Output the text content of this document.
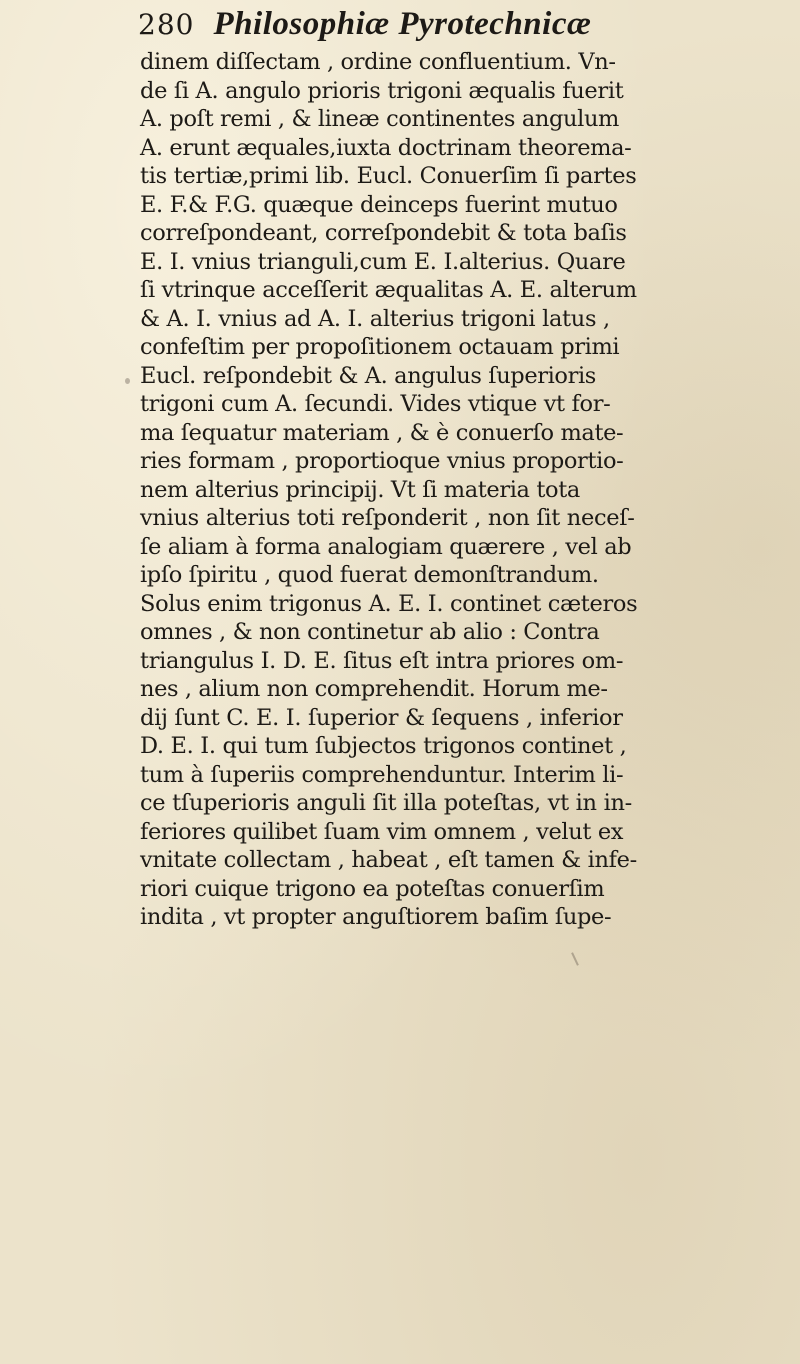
280 Philosophiæ Pyrotechnicæ
dinem diſſectam , ordine confluentium. Vn-
de ſi A. angulo prioris trigoni æqualis fuerit
A. poſt remi , & lineæ continentes angulum
A. erunt æquales,iuxta doctrinam theorema-
tis tertiæ,primi lib. Eucl. Conuerſim ſi partes
E. F.& F.G. quæque deinceps fuerint mutuo
correſpondeant, correſpondebit & tota baſis
E. I. vnius trianguli,cum E. I.alterius. Quare
ſi vtrinque acceſſerit æqualitas A. E. alterum
& A. I. vnius ad A. I. alterius trigoni latus ,
confeſtim per propoſitionem octauam primi
Eucl. reſpondebit & A. angulus ſuperioris
trigoni cum A. ſecundi. Vides vtique vt for-
ma ſequatur materiam , & è conuerſo mate-
ries formam , proportioque vnius proportio-
nem alterius principij. Vt ſi materia tota
vnius alterius toti reſponderit , non ſit neceſ-
ſe aliam à forma analogiam quærere , vel ab
ipſo ſpiritu , quod fuerat demonſtrandum.
Solus enim trigonus A. E. I. continet cæteros
omnes , & non continetur ab alio : Contra
triangulus I. D. E. ſitus eſt intra priores om-
nes , alium non comprehendit. Horum me-
dij ſunt C. E. I. ſuperior & ſequens , inferior
D. E. I. qui tum ſubjectos trigonos continet ,
tum à ſuperiis comprehenduntur. Interim li-
ce tſuperioris anguli ſit illa poteſtas, vt in in-
feriores quilibet ſuam vim omnem , velut ex
vnitate collectam , habeat , eſt tamen & infe-
riori cuique trigono ea poteſtas conuerſim
indita , vt propter anguſtiorem baſim ſupe-
